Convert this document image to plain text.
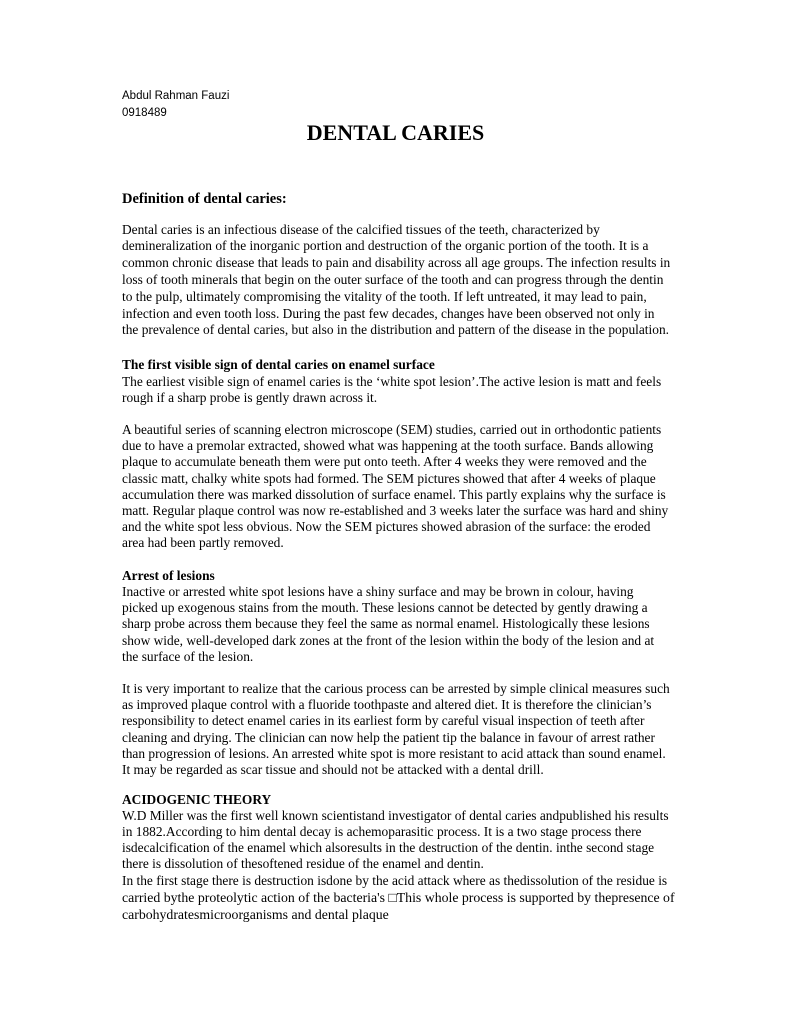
Abdul Rahman Fauzi
0918489
DENTAL CARIES
Definition of dental caries:
Dental caries is an infectious disease of the calcified tissues of the teeth, characterized by
demineralization of the inorganic portion and destruction of the organic portion of the tooth. It is a
common chronic disease that leads to pain and disability across all age groups. The infection results in
loss of tooth minerals that begin on the outer surface of the tooth and can progress through the dentin
to the pulp, ultimately compromising the vitality of the tooth. If left untreated, it may lead to pain,
infection and even tooth loss. During the past few decades, changes have been observed not only in
the prevalence of dental caries, but also in the distribution and pattern of the disease in the population.
The first visible sign of dental caries on enamel surface
The earliest visible sign of enamel caries is the ‘white spot lesion’.The active lesion is matt and feels
rough if a sharp probe is gently drawn across it.
A beautiful series of scanning electron microscope (SEM) studies, carried out in orthodontic patients
due to have a premolar extracted, showed what was happening at the tooth surface. Bands allowing
plaque to accumulate beneath them were put onto teeth. After 4 weeks they were removed and the
classic matt, chalky white spots had formed. The SEM pictures showed that after 4 weeks of plaque
accumulation there was marked dissolution of surface enamel. This partly explains why the surface is
matt. Regular plaque control was now re-established and 3 weeks later the surface was hard and shiny
and the white spot less obvious. Now the SEM pictures showed abrasion of the surface: the eroded
area had been partly removed.
Arrest of lesions
Inactive or arrested white spot lesions have a shiny surface and may be brown in colour, having
picked up exogenous stains from the mouth. These lesions cannot be detected by gently drawing a
sharp probe across them because they feel the same as normal enamel. Histologically these lesions
show wide, well-developed dark zones at the front of the lesion within the body of the lesion and at
the surface of the lesion.
It is very important to realize that the carious process can be arrested by simple clinical measures such
as improved plaque control with a fluoride toothpaste and altered diet. It is therefore the clinician’s
responsibility to detect enamel caries in its earliest form by careful visual inspection of teeth after
cleaning and drying. The clinician can now help the patient tip the balance in favour of arrest rather
than progression of lesions. An arrested white spot is more resistant to acid attack than sound enamel.
It may be regarded as scar tissue and should not be attacked with a dental drill.
ACIDOGENIC THEORY
W.D Miller was the first well known scientistand investigator of dental caries andpublished his results
in 1882.According to him dental decay is achemoparasitic process. It is a two stage process there
isdecalcification of the enamel which alsoresults in the destruction of the dentin. inthe second stage
there is dissolution of thesoftened residue of the enamel and dentin.
In the first stage there is destruction isdone by the acid attack where as thedissolution of the residue is
carried bythe proteolytic action of the bacteria's □This whole process is supported by thepresence of
carbohydratesmicroorganisms and dental plaque
